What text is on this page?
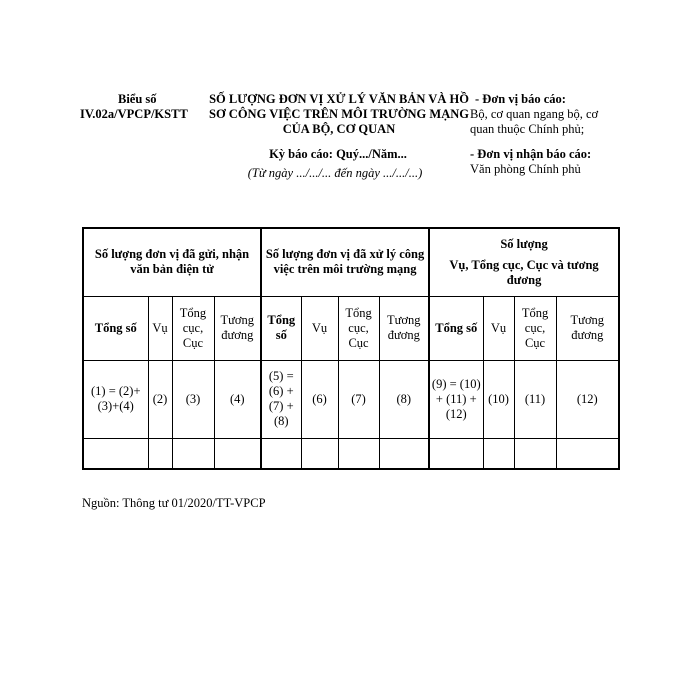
Biểu số
IV.02a/VPCP/KSTT
SỐ LƯỢNG ĐƠN VỊ XỬ LÝ VĂN BẢN VÀ HỒ SƠ CÔNG VIỆC TRÊN MÔI TRƯỜNG MẠNG CỦA BỘ, CƠ QUAN
Kỳ báo cáo: Quý.../Năm...
(Từ ngày .../.../... đến ngày .../.../...)
- Đơn vị báo cáo:
Bộ, cơ quan ngang bộ, cơ quan thuộc Chính phủ;
- Đơn vị nhận báo cáo: Văn phòng Chính phủ
Số lượng đơn vị đã gửi, nhận văn bản điện tử				Số lượng đơn vị đã xử lý công việc trên môi trường mạng				Số lượng
Vụ, Tổng cục, Cục và tương đương			

Tổng số	Vụ	Tổng cục, Cục	Tương đương	Tổng số	Vụ	Tổng cục, Cục	Tương đương	Tổng số	Vụ	Tổng cục, Cục	Tương đương
(1) = (2)+(3)+(4)	(2)	(3)	(4)	(5) = (6) + (7) + (8)	(6)	(7)	(8)	(9) = (10) + (11) + (12)	(10)	(11)	(12)

Nguồn: Thông tư 01/2020/TT-VPCP
